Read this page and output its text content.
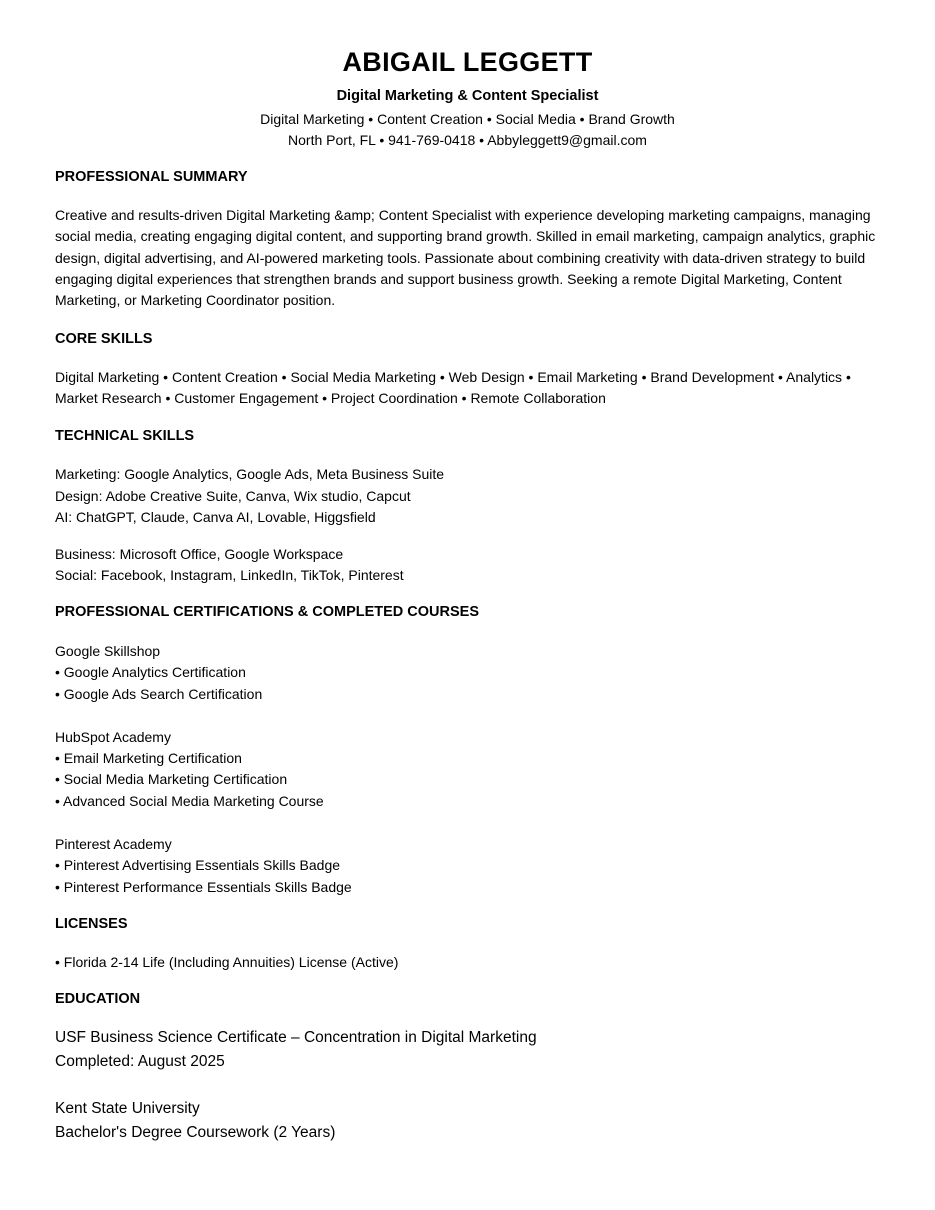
ABIGAIL LEGGETT
Digital Marketing & Content Specialist
Digital Marketing • Content Creation • Social Media • Brand Growth
North Port, FL • 941-769-0418 • Abbyleggett9@gmail.com
PROFESSIONAL SUMMARY
Creative and results-driven Digital Marketing &amp; Content Specialist with experience developing marketing campaigns, managing social media, creating engaging digital content, and supporting brand growth. Skilled in email marketing, campaign analytics, graphic design, digital advertising, and AI-powered marketing tools. Passionate about combining creativity with data-driven strategy to build engaging digital experiences that strengthen brands and support business growth. Seeking a remote Digital Marketing, Content Marketing, or Marketing Coordinator position.
CORE SKILLS
Digital Marketing • Content Creation • Social Media Marketing • Web Design • Email Marketing • Brand Development • Analytics •
Market Research • Customer Engagement • Project Coordination • Remote Collaboration
TECHNICAL SKILLS
Marketing: Google Analytics, Google Ads, Meta Business Suite
Design: Adobe Creative Suite, Canva, Wix studio, Capcut
AI: ChatGPT, Claude, Canva AI, Lovable, Higgsfield
Business: Microsoft Office, Google Workspace
Social: Facebook, Instagram, LinkedIn, TikTok, Pinterest
PROFESSIONAL CERTIFICATIONS & COMPLETED COURSES
Google Skillshop
• Google Analytics Certification
• Google Ads Search Certification
HubSpot Academy
• Email Marketing Certification
• Social Media Marketing Certification
• Advanced Social Media Marketing Course
Pinterest Academy
• Pinterest Advertising Essentials Skills Badge
• Pinterest Performance Essentials Skills Badge
LICENSES
• Florida 2-14 Life (Including Annuities) License (Active)
EDUCATION
USF Business Science Certificate – Concentration in Digital Marketing
Completed: August 2025
Kent State University
Bachelor's Degree Coursework (2 Years)
